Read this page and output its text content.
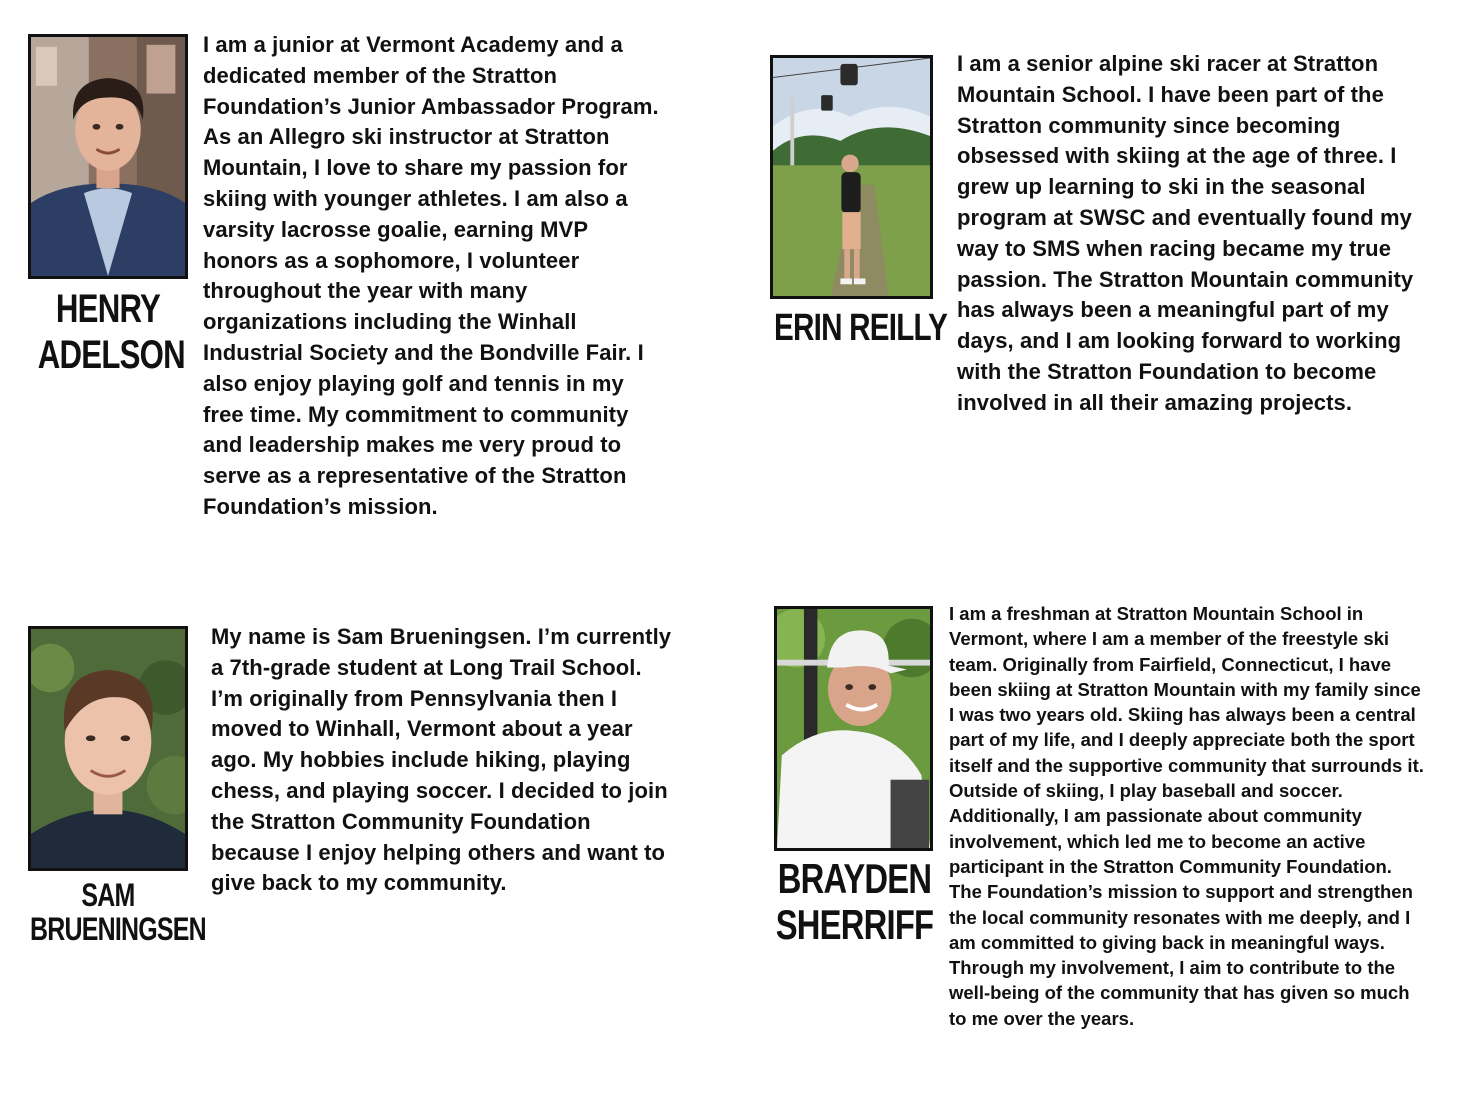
HENRY
ADELSON

I am a junior at Vermont Academy and a dedicated member of the Stratton Foundation’s Junior Ambassador Program. As an Allegro ski instructor at Stratton Mountain, I love to share my passion for skiing with younger athletes. I am also a varsity lacrosse goalie, earning MVP honors as a sophomore, I volunteer throughout the year with many organizations including the Winhall Industrial Society and the Bondville Fair. I also enjoy playing golf and tennis in my free time. My commitment to community and leadership makes me very proud to serve as a representative of the Stratton Foundation’s mission.

ERIN REILLY

I am a senior alpine ski racer at Stratton Mountain School. I have been part of the Stratton community since becoming obsessed with skiing at the age of three. I grew up learning to ski in the seasonal program at SWSC and eventually found my way to SMS when racing became my true passion. The Stratton Mountain community has always been a meaningful part of my days, and I am looking forward to working with the Stratton Foundation to become involved in all their amazing projects.

SAM
BRUENINGSEN

My name is Sam Brueningsen. I’m currently a 7th-grade student at Long Trail School. I’m originally from Pennsylvania then I moved to Winhall, Vermont about a year ago. My hobbies include hiking, playing chess, and playing soccer. I decided to join the Stratton Community Foundation because I enjoy helping others and want to give back to my community.	BRAYDEN
SHERRIFF

I am a freshman at Stratton Mountain School in Vermont, where I am a member of the freestyle ski team. Originally from Fairfield, Connecticut, I have been skiing at Stratton Mountain with my family since I was two years old. Skiing has always been a central part of my life, and I deeply appreciate both the sport itself and the supportive community that surrounds it. Outside of skiing, I play baseball and soccer. Additionally, I am passionate about community involvement, which led me to become an active participant in the Stratton Community Foundation. The Foundation’s mission to support and strengthen the local community resonates with me deeply, and I am committed to giving back in meaningful ways. Through my involvement, I aim to contribute to the well-being of the community that has given so much to me over the years.
